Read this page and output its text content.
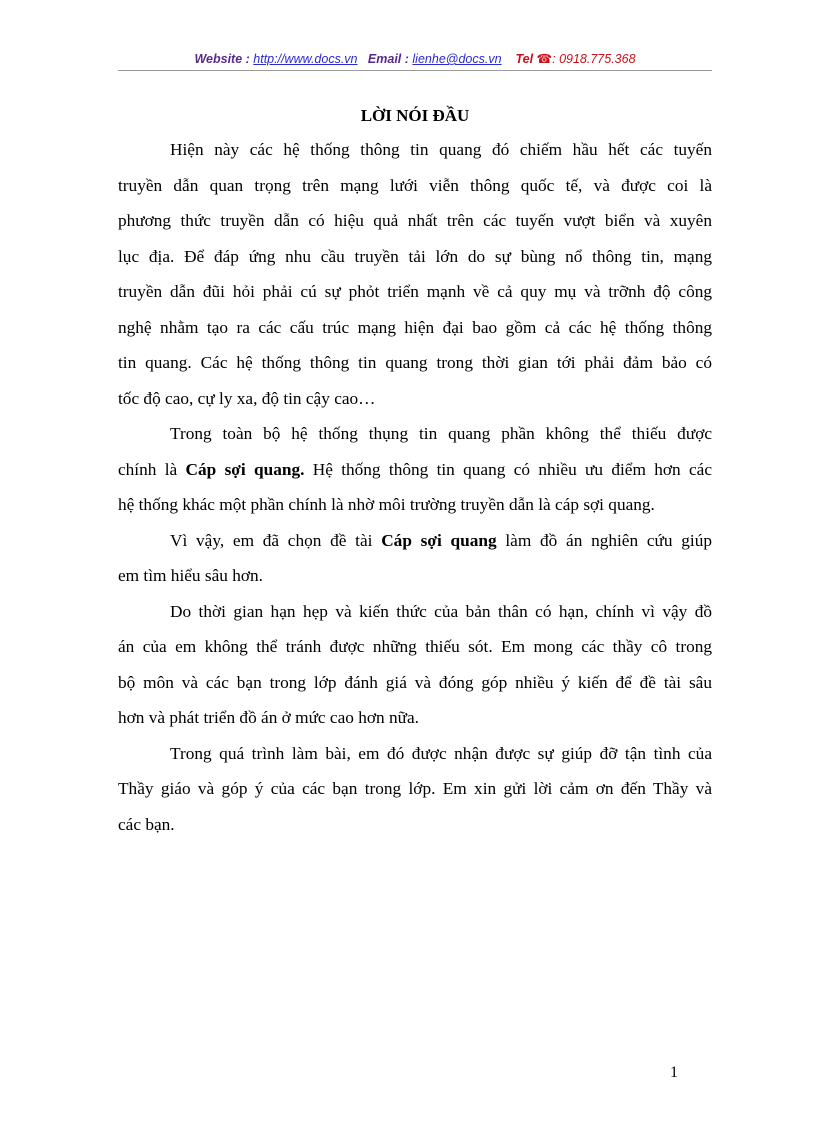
Website : http://www.docs.vn Email : lienhe@docs.vn Tel ☎: 0918.775.368
LỜI NÓI ĐẦU
Hiện này các hệ thống thông tin quang đó chiếm hầu hết các tuyến
truyền dẫn quan trọng trên mạng lưới viễn thông quốc tế, và được coi là
phương thức truyền dẫn có hiệu quả nhất trên các tuyến vượt biển và xuyên
lục địa. Để đáp ứng nhu cầu truyền tải lớn do sự bùng nổ thông tin, mạng
truyền dẫn đũi hỏi phải cú sự phỏt triển mạnh về cả quy mụ và trỡnh độ công
nghệ nhằm tạo ra các cấu trúc mạng hiện đại bao gồm cả các hệ thống thông
tin quang. Các hệ thống thông tin quang trong thời gian tới phải đảm bảo có
tốc độ cao, cự ly xa, độ tin cậy cao…
Trong toàn bộ hệ thống thụng tin quang phần không thể thiếu được
chính là Cáp sợi quang. Hệ thống thông tin quang có nhiều ưu điểm hơn các
hệ thống khác một phần chính là nhờ môi trường truyền dẫn là cáp sợi quang.
Vì vậy, em đã chọn đề tài Cáp sợi quang làm đồ án nghiên cứu giúp
em tìm hiểu sâu hơn.
Do thời gian hạn hẹp và kiến thức của bản thân có hạn, chính vì vậy đồ
án của em không thể tránh được những thiếu sót. Em mong các thầy cô trong
bộ môn và các bạn trong lớp đánh giá và đóng góp nhiều ý kiến để đề tài sâu
hơn và phát triển đồ án ở mức cao hơn nữa.
Trong quá trình làm bài, em đó được nhận được sự giúp đỡ tận tình của
Thầy giáo và góp ý của các bạn trong lớp. Em xin gửi lời cảm ơn đến Thầy và
các bạn.
1
